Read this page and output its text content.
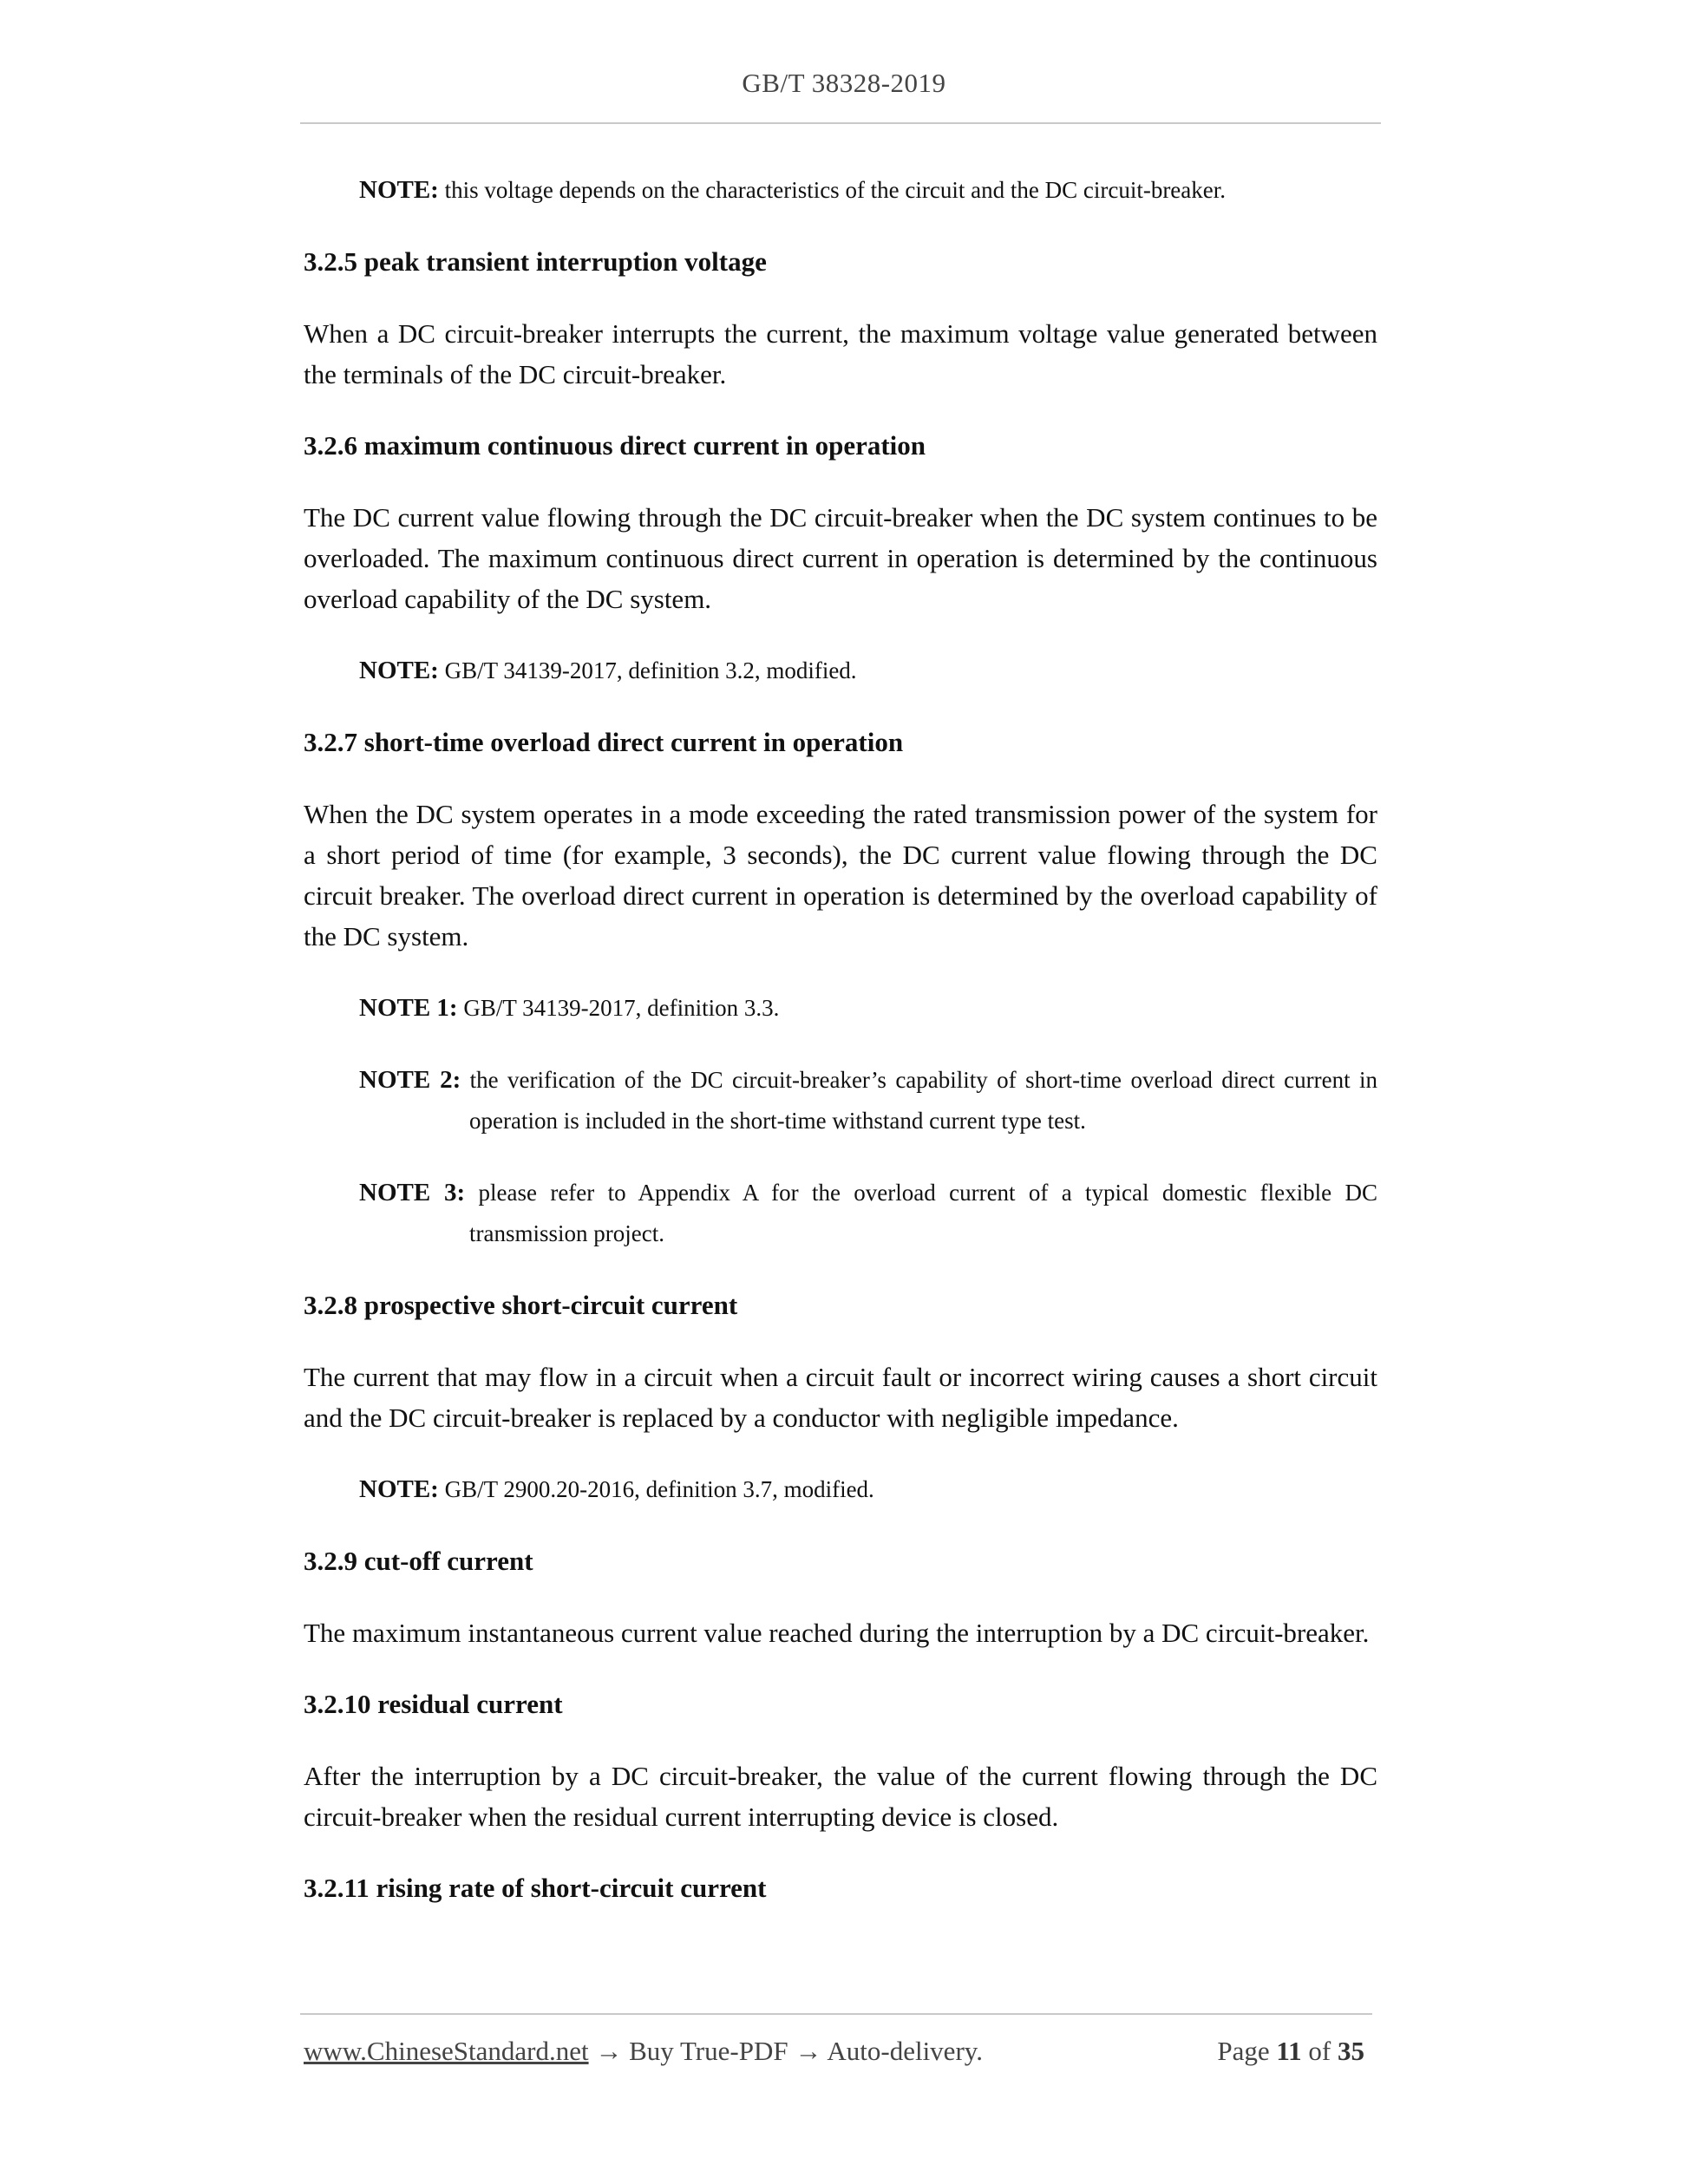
GB/T 38328-2019

NOTE: this voltage depends on the characteristics of the circuit and the DC circuit-breaker.

3.2.5 peak transient interruption voltage

When a DC circuit-breaker interrupts the current, the maximum voltage value generated between the terminals of the DC circuit-breaker.

3.2.6 maximum continuous direct current in operation

The DC current value flowing through the DC circuit-breaker when the DC system continues to be overloaded. The maximum continuous direct current in operation is determined by the continuous overload capability of the DC system.

NOTE: GB/T 34139-2017, definition 3.2, modified.

3.2.7 short-time overload direct current in operation

When the DC system operates in a mode exceeding the rated transmission power of the system for a short period of time (for example, 3 seconds), the DC current value flowing through the DC circuit breaker. The overload direct current in operation is determined by the overload capability of the DC system.

NOTE 1: GB/T 34139-2017, definition 3.3.

NOTE 2: the verification of the DC circuit-breaker’s capability of short-time overload direct current in operation is included in the short-time withstand current type test.

NOTE 3: please refer to Appendix A for the overload current of a typical domestic flexible DC transmission project.

3.2.8 prospective short-circuit current

The current that may flow in a circuit when a circuit fault or incorrect wiring causes a short circuit and the DC circuit-breaker is replaced by a conductor with negligible impedance.

NOTE: GB/T 2900.20-2016, definition 3.7, modified.

3.2.9 cut-off current

The maximum instantaneous current value reached during the interruption by a DC circuit-breaker.

3.2.10 residual current

After the interruption by a DC circuit-breaker, the value of the current flowing through the DC circuit-breaker when the residual current interrupting device is closed.

3.2.11 rising rate of short-circuit current
www.ChineseStandard.net → Buy True-PDF → Auto-delivery.	Page 11 of 35
